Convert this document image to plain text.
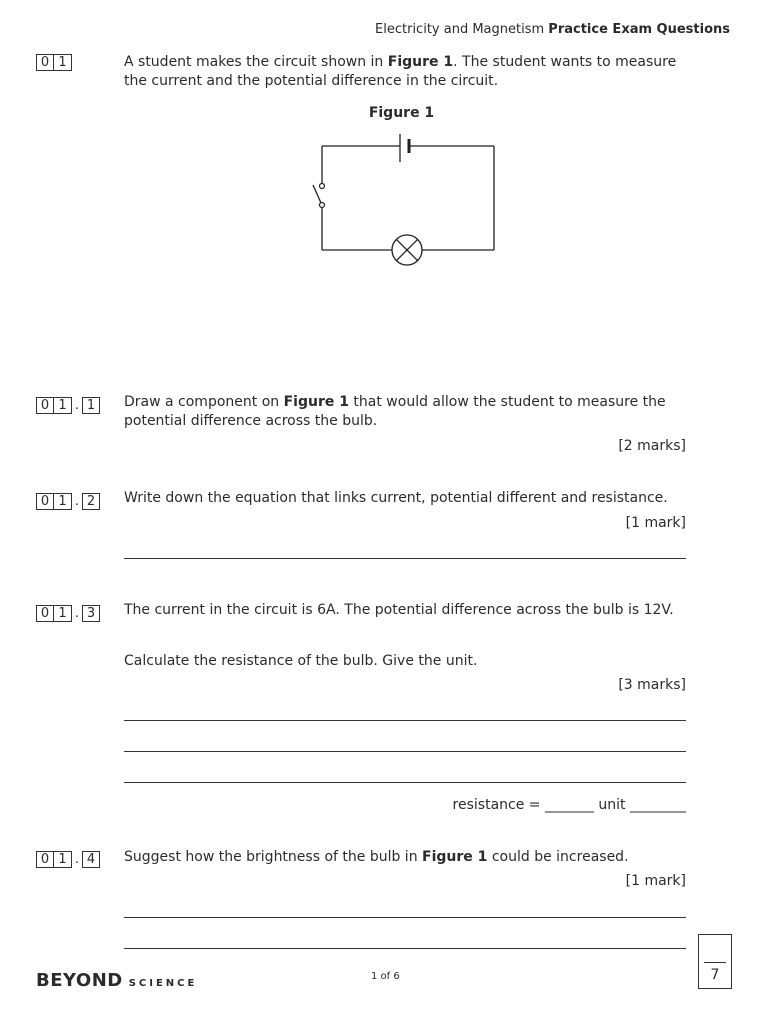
Electricity and Magnetism Practice Exam Questions
0 1	A student makes the circuit shown in Figure 1. The student wants to measure the current and the potential difference in the circuit.
Figure 1
0 1 . 1	Draw a component on Figure 1 that would allow the student to measure the potential difference across the bulb.
[2 marks]
0 1 . 2	Write down the equation that links current, potential different and resistance.
[1 mark]
0 1 . 3	The current in the circuit is 6A. The potential difference across the bulb is 12V.
Calculate the resistance of the bulb. Give the unit.
[3 marks]
resistance = _______ unit ________
0 1 . 4	Suggest how the brightness of the bulb in Figure 1 could be increased.
[1 mark]
BEYOND SCIENCE
1 of 6	7
